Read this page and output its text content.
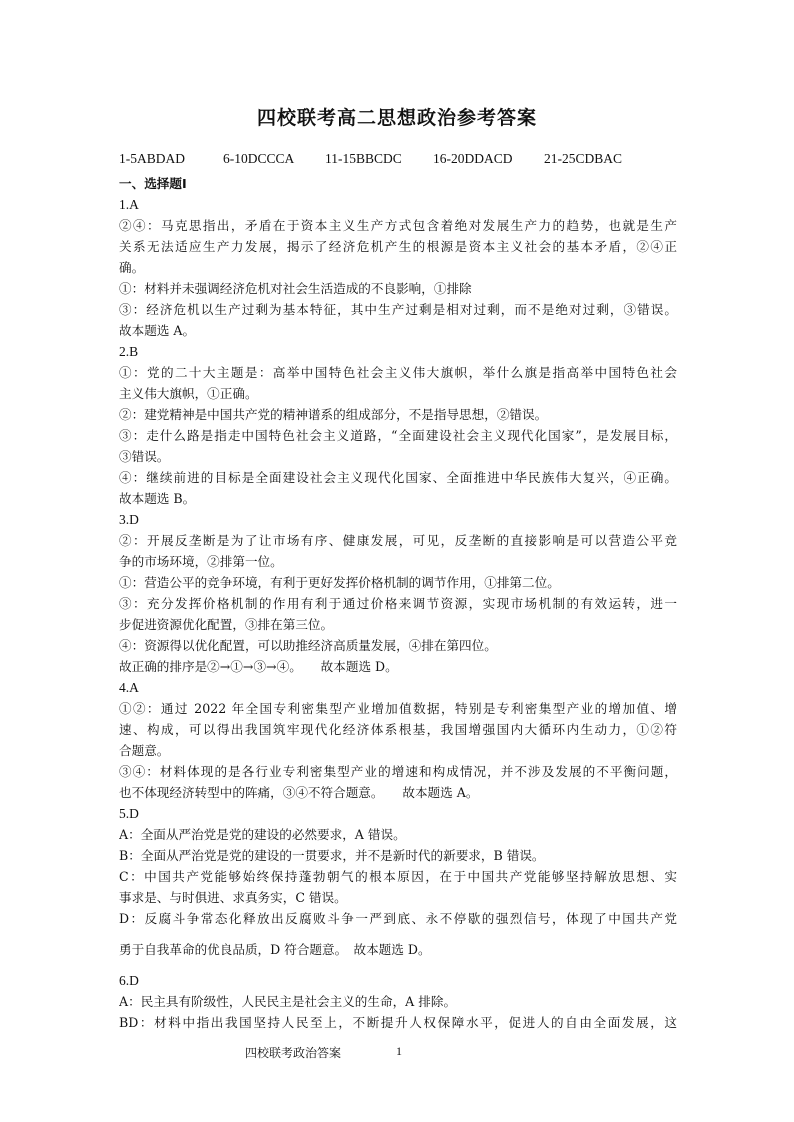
四校联考高二思想政治参考答案
1-5ABDAD	6-10DCCCA 11-15BBCDC 16-20DDACD 21-25CDBAC
一、选择题Ⅰ
1.A
②④：马克思指出，矛盾在于资本主义生产方式包含着绝对发展生产力的趋势，也就是生产
关系无法适应生产力发展，揭示了经济危机产生的根源是资本主义社会的基本矛盾，②④正
确。
①：材料并未强调经济危机对社会生活造成的不良影响，①排除
③：经济危机以生产过剩为基本特征，其中生产过剩是相对过剩，而不是绝对过剩，③错误。
故本题选 A。
2.B
①：党的二十大主题是：高举中国特色社会主义伟大旗帜，举什么旗是指高举中国特色社会
主义伟大旗帜，①正确。
②：建党精神是中国共产党的精神谱系的组成部分，不是指导思想，②错误。
③：走什么路是指走中国特色社会主义道路，“全面建设社会主义现代化国家”，是发展目标，
③错误。
④：继续前进的目标是全面建设社会主义现代化国家、全面推进中华民族伟大复兴，④正确。
故本题选 B。
3.D
②：开展反垄断是为了让市场有序、健康发展，可见，反垄断的直接影响是可以营造公平竞
争的市场环境，②排第一位。
①：营造公平的竞争环境，有利于更好发挥价格机制的调节作用，①排第二位。
③：充分发挥价格机制的作用有利于通过价格来调节资源，实现市场机制的有效运转，进一
步促进资源优化配置，③排在第三位。
④：资源得以优化配置，可以助推经济高质量发展，④排在第四位。
故正确的排序是②→①→③→④。　　故本题选 D。
4.A
①②：通过 2022 年全国专利密集型产业增加值数据，特别是专利密集型产业的增加值、增
速、构成，可以得出我国筑牢现代化经济体系根基，我国增强国内大循环内生动力，①②符
合题意。
③④：材料体现的是各行业专利密集型产业的增速和构成情况，并不涉及发展的不平衡问题，
也不体现经济转型中的阵痛，③④不符合题意。　　故本题选 A。
5.D
A：全面从严治党是党的建设的必然要求，A 错误。
B：全面从严治党是党的建设的一贯要求，并不是新时代的新要求，B 错误。
C：中国共产党能够始终保持蓬勃朝气的根本原因，在于中国共产党能够坚持解放思想、实
事求是、与时俱进、求真务实，C 错误。
D：反腐斗争常态化释放出反腐败斗争一严到底、永不停歇的强烈信号，体现了中国共产党
勇于自我革命的优良品质，D 符合题意。　故本题选 D。
6.D
A：民主具有阶级性，人民民主是社会主义的生命，A 排除。
BD：材料中指出我国坚持人民至上，不断提升人权保障水平，促进人的自由全面发展，这
四校联考政治答案	1
